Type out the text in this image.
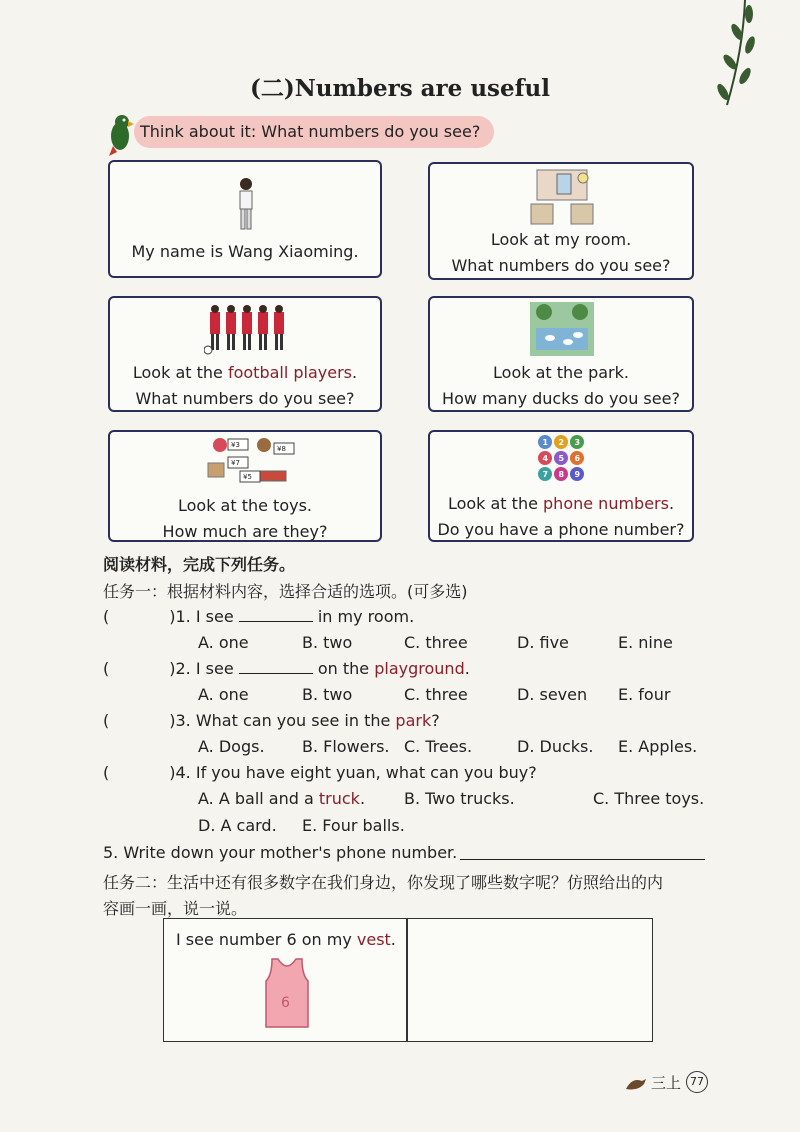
(二)Numbers are useful
Think about it: What numbers do you see?
My name is Wang Xiaoming.
Look at my room.
What numbers do you see?
Look at the football players.
What numbers do you see?
Look at the park.
How many ducks do you see?
¥3	¥8
¥7
¥5
Look at the toys.
How much are they?
1 2 3
4 5 6
7 8 9
Look at the phone numbers.
Do you have a phone number?
阅读材料，完成下列任务。
任务一：根据材料内容，选择合适的选项。(可多选)
(	)1. I see	in my room.
A. one	B. two	C. three	D. five	E. nine
(	)2. I see	on the playground.
A. one	B. two	C. three	D. seven E. four
(	)3. What can you see in the park?
A. Dogs. B. Flowers. C. Trees.	D. Ducks. E. Apples.
(	)4. If you have eight yuan, what can you buy?
A. A ball and a truck. B. Two trucks.	C. Three toys.
D. A card. E. Four balls.
5. Write down your mother's phone number.
任务二：生活中还有很多数字在我们身边，你发现了哪些数字呢？仿照给出的内
容画一画，说一说。
I see number 6 on my vest.
6
三上 77
